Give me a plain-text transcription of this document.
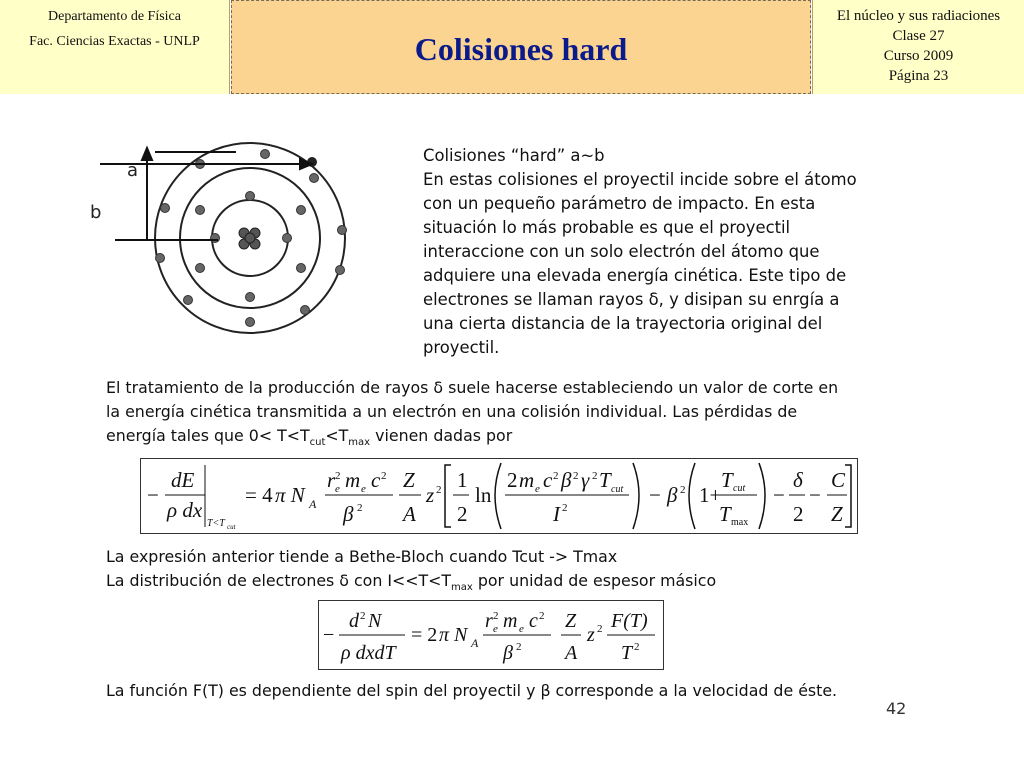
Departamento de Física
Fac. Ciencias Exactas - UNLP	Colisiones hard
El núcleo y sus radiaciones
Clase 27
Curso 2009
Página 23
a
b

Colisiones “hard” a~b

En estas colisiones el proyectil incide sobre el átomo

con un pequeño parámetro de impacto. En esta

situación lo más probable es que el proyectil

interaccione con un solo electrón del átomo que

adquiere una elevada energía cinética. Este tipo de

electrones se llaman rayos δ, y disipan su enrgía a

una cierta distancia de la trayectoria original del

proyectil.

El tratamiento de la producción de rayos δ suele hacerse estableciendo un valor de corte en

la energía cinética transmitida a un electrón en una colisión individual. Las pérdidas de

energía tales que $0< T<T_{cut}<T_{max}$ vienen dadas por

−
dE
ρ dx
T<T cut
= 4 π N A
r 2
e m e c 2
β 2
Z
A
z 2 1
2
ln
2 m e c 2 β 2 γ 2 T cut
I 2
− β 2 1+
T cut
T max
−
δ
2
−
C
Z

La expresión anterior tiende a Bethe-Bloch cuando Tcut -> Tmax

La distribución de electrones δ con $I<<T<T_{max}$ por unidad de espesor másico

−
d 2 N
ρ dxdT
= 2 π N A
r 2
e m e c 2
β 2
Z
A
z 2 F(T)
T 2
La función F(T) es dependiente del spin del proyectil y β corresponde a la velocidad de éste.
42
